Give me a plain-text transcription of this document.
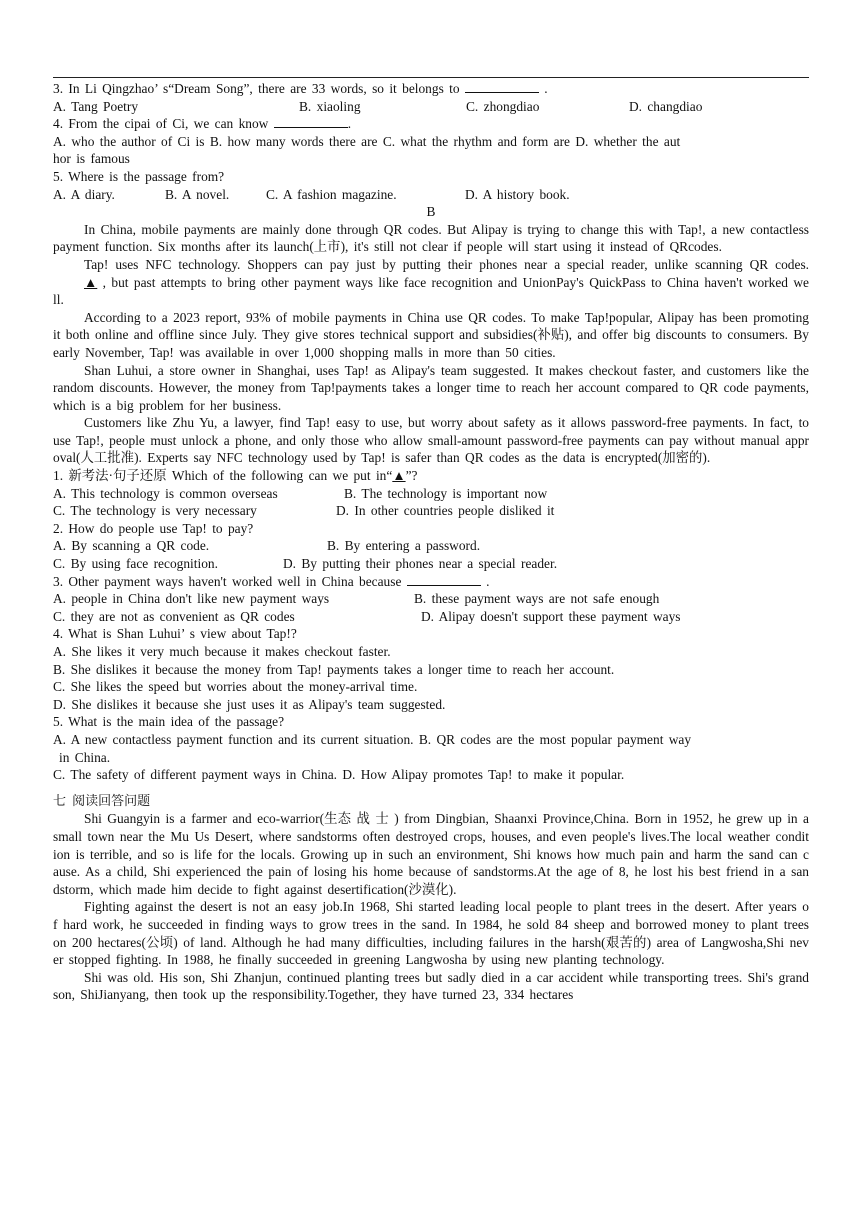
3. In Li Qingzhao’ s“Dream Song”, there are 33 words, so it belongs to	.
A. Tang Poetry	B. xiaoling	C. zhongdiao	D. changdiao
4. From the cipai of Ci, we can know	.
A. who the author of Ci is B. how many words there are C. what the rhythm and form are D. whether the aut
hor is famous
5. Where is the passage from?
A. A diary.	B. A novel.	C. A fashion magazine.	D. A history book.
B
In China, mobile payments are mainly done through QR codes. But Alipay is trying to change this with Tap!, a new contactless payment function. Six months after its launch(上市), it's still not clear if people will start using it instead of QRcodes.
Tap! uses NFC technology. Shoppers can pay just by putting their phones near a special reader, unlike scanning QR codes. ▲ , but past attempts to bring other payment ways like face recognition and UnionPay's QuickPass to China haven't worked well.
According to a 2023 report, 93% of mobile payments in China use QR codes. To make Tap!popular, Alipay has been promoting it both online and offline since July. They give stores technical support and subsidies(补贴), and offer big discounts to consumers. By early November, Tap! was available in over 1,000 shopping malls in more than 50 cities.
Shan Luhui, a store owner in Shanghai, uses Tap! as Alipay's team suggested. It makes checkout faster, and customers like the random discounts. However, the money from Tap!payments takes a longer time to reach her account compared to QR code payments, which is a big problem for her business.
Customers like Zhu Yu, a lawyer, find Tap! easy to use, but worry about safety as it allows password-free payments. In fact, to use Tap!, people must unlock a phone, and only those who allow small-amount password-free payments can pay without manual approval(人工批准). Experts say NFC technology used by Tap! is safer than QR codes as the data is encrypted(加密的).
1. 新考法·句子还原 Which of the following can we put in“▲”?
A. This technology is common overseas	B. The technology is important now
C. The technology is very necessary	D. In other countries people disliked it
2. How do people use Tap! to pay?
A. By scanning a QR code.	B. By entering a password.
C. By using face recognition.	D. By putting their phones near a special reader.
3. Other payment ways haven't worked well in China because	.
A. people in China don't like new payment ways	B. these payment ways are not safe enough
C. they are not as convenient as QR codes	D. Alipay doesn't support these payment ways
4. What is Shan Luhui’ s view about Tap!?
A. She likes it very much because it makes checkout faster.
B. She dislikes it because the money from Tap! payments takes a longer time to reach her account.
C. She likes the speed but worries about the money-arrival time.
D. She dislikes it because she just uses it as Alipay's team suggested.
5. What is the main idea of the passage?
A. A new contactless payment function and its current situation. B. QR codes are the most popular payment way
in China.
C. The safety of different payment ways in China. D. How Alipay promotes Tap! to make it popular.
七 阅读回答问题
Shi Guangyin is a farmer and eco-warrior(生态 战 士 ) from Dingbian, Shaanxi Province,China. Born in 1952, he grew up in a small town near the Mu Us Desert, where sandstorms often destroyed crops, houses, and even people's lives.The local weather condition is terrible, and so is life for the locals. Growing up in such an environment, Shi knows how much pain and harm the sand can cause. As a child, Shi experienced the pain of losing his home because of sandstorms.At the age of 8, he lost his best friend in a sandstorm, which made him decide to fight against desertification(沙漠化).
Fighting against the desert is not an easy job.In 1968, Shi started leading local people to plant trees in the desert. After years of hard work, he succeeded in finding ways to grow trees in the sand. In 1984, he sold 84 sheep and borrowed money to plant trees on 200 hectares(公顷) of land. Although he had many difficulties, including failures in the harsh(艰苦的) area of Langwosha,Shi never stopped fighting. In 1988, he finally succeeded in greening Langwosha by using new planting technology.
Shi was old. His son, Shi Zhanjun, continued planting trees but sadly died in a car accident while transporting trees. Shi's grandson, ShiJianyang, then took up the responsibility.Together, they have turned 23, 334 hectares
